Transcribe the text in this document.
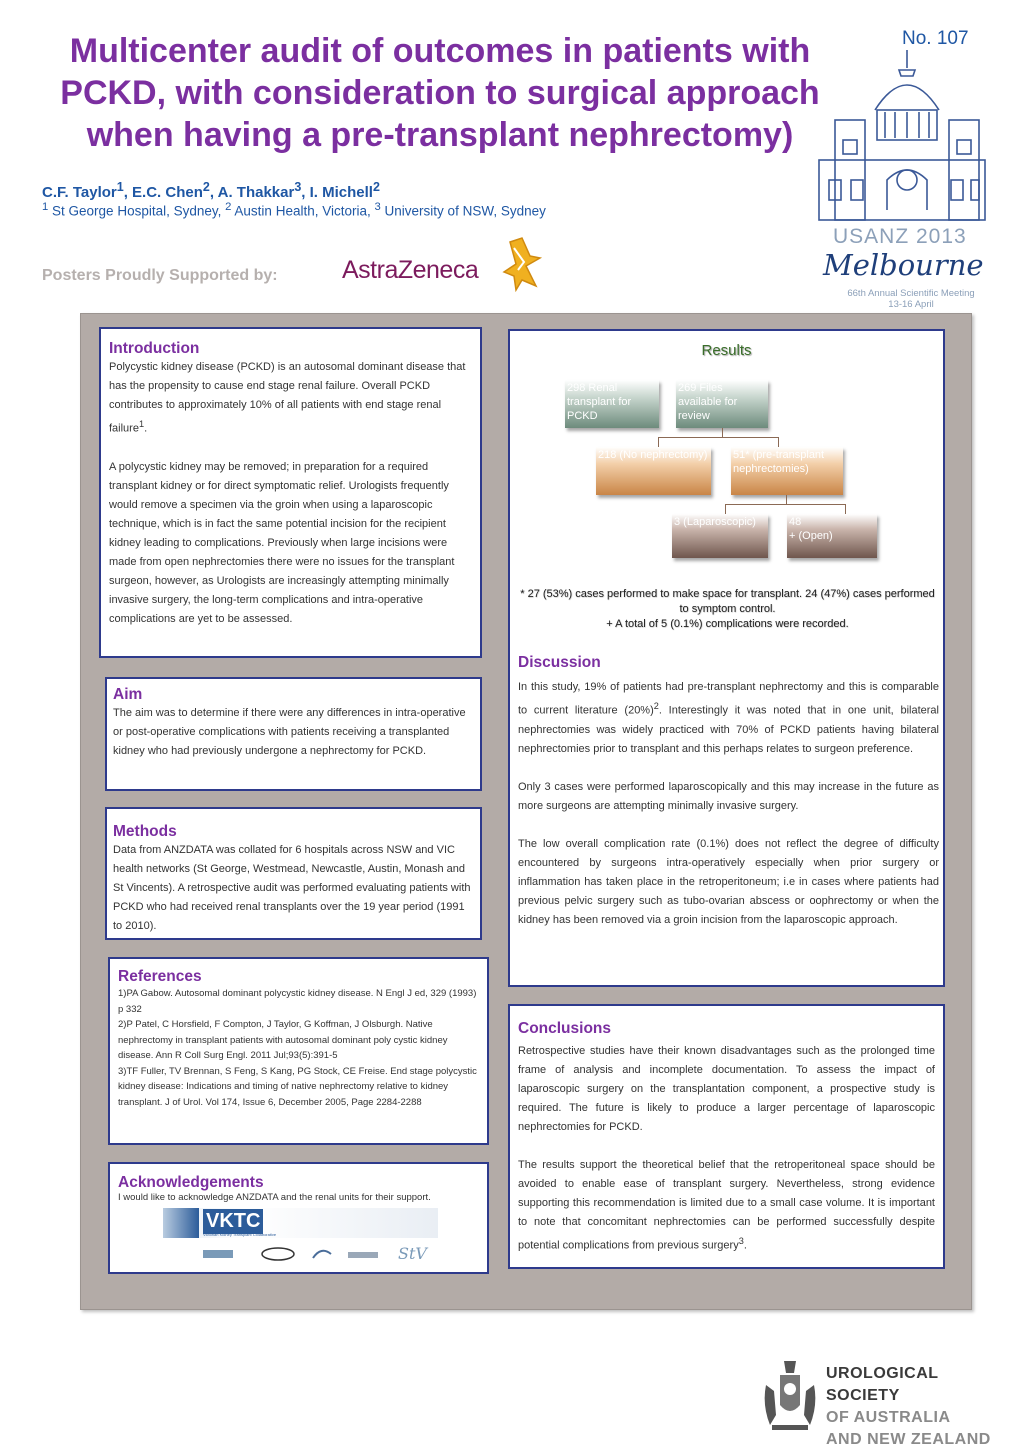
Multicenter audit of outcomes in patients with
PCKD, with consideration to surgical approach
when having a pre-transplant nephrectomy)
No. 107
C.F. Taylor$^1$, E.C. Chen$^2$, A. Thakkar$^3$, I. Michell$^2$
$^1$ St George Hospital, Sydney, $^2$ Austin Health, Victoria, $^3$ University of NSW, Sydney
Posters Proudly Supported by:	AstraZeneca
USANZ 2013
Melbourne
66th Annual Scientific Meeting
13-16 April
Introduction

Polycystic kidney disease (PCKD) is an autosomal dominant disease that has the propensity to cause end stage renal failure. Overall PCKD contributes to approximately 10% of all patients with end stage renal failure$^1$.

A polycystic kidney may be removed; in preparation for a required transplant kidney or for direct symptomatic relief. Urologists frequently would remove a specimen via the groin when using a laparoscopic technique, which is in fact the same potential incision for the recipient kidney leading to complications. Previously when large incisions were made from open nephrectomies there were no issues for the transplant surgeon, however, as Urologists are increasingly attempting minimally invasive surgery, the long-term complications and intra-operative complications are yet to be assessed.

Aim
The aim was to determine if there were any differences in intra-operative or post-operative complications with patients receiving a transplanted kidney who had previously undergone a nephrectomy for PCKD.
Methods
Data from ANZDATA was collated for 6 hospitals across NSW and VIC health networks (St George, Westmead, Newcastle, Austin, Monash and St Vincents). A retrospective audit was performed evaluating patients with PCKD who had received renal transplants over the 19 year period (1991 to 2010).
References
1)PA Gabow. Autosomal dominant polycystic kidney disease. N Engl J ed, 329 (1993) p 332
2)P Patel, C Horsfield, F Compton, J Taylor, G Koffman, J Olsburgh. Native nephrectomy in transplant patients with autosomal dominant poly cystic kidney disease. Ann R Coll Surg Engl. 2011 Jul;93(5):391-5
3)TF Fuller, TV Brennan, S Feng, S Kang, PG Stock, CE Freise. End stage polycystic kidney disease: Indications and timing of native nephrectomy relative to kidney transplant. J of Urol. Vol 174, Issue 6, December 2005, Page 2284-2288
Acknowledgements
I would like to acknowledge ANZDATA and the renal units for their support.
VKTC
Victorian Kidney Transplant Collaborative
StV
Results
298 Renal transplant for PCKD
269 Files available for review
218 (No nephrectomy)	51* (pre-transplant nephrectomies)
3 (Laparoscopic)	48
+ (Open)
* 27 (53%) cases performed to make space for transplant. 24 (47%) cases performed to symptom control.
+ A total of 5 (0.1%) complications were recorded.
Discussion

In this study, 19% of patients had pre-transplant nephrectomy and this is comparable to current literature $(20\%)^2$. Interestingly it was noted that in one unit, bilateral nephrectomies was widely practiced with 70% of PCKD patients having bilateral nephrectomies prior to transplant and this perhaps relates to surgeon preference.

Only 3 cases were performed laparoscopically and this may increase in the future as more surgeons are attempting minimally invasive surgery.

The low overall complication rate (0.1%) does not reflect the degree of difficulty encountered by surgeons intra-operatively especially when prior surgery or inflammation has taken place in the retroperitoneum; i.e in cases where patients had previous pelvic surgery such as tubo-ovarian abscess or oophrectomy or when the kidney has been removed via a groin incision from the laparoscopic approach.

Conclusions

Retrospective studies have their known disadvantages such as the prolonged time frame of analysis and incomplete documentation. To assess the impact of laparoscopic surgery on the transplantation component, a prospective study is required. The future is likely to produce a larger percentage of laparoscopic nephrectomies for PCKD.

The results support the theoretical belief that the retroperitoneal space should be avoided to enable ease of transplant surgery. Nevertheless, strong evidence supporting this recommendation is limited due to a small case volume. It is important to note that concomitant nephrectomies can be performed successfully despite potential complications from previous surgery$^3$.

UROLOGICAL SOCIETY
OF AUSTRALIA
AND NEW ZEALAND
